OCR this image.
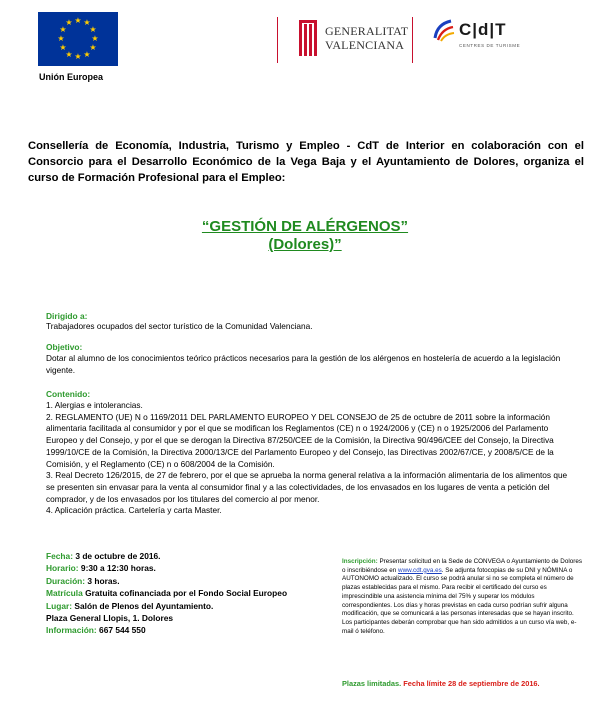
★ ★
★
★
★
★
★
★
★
★
★
★
Unión Europea
GENERALITAT
VALENCIANA
C|d|T
CENTRES DE TURISME
Consellería de Economía, Industria, Turismo y Empleo - CdT de Interior en colaboración con el Consorcio para el Desarrollo Económico de la Vega Baja y el Ayuntamiento de Dolores, organiza el curso de Formación Profesional para el Empleo:
“GESTIÓN DE ALÉRGENOS”
(Dolores)”
Dirigido a:
Trabajadores ocupados del sector turístico de la Comunidad Valenciana.
Objetivo:
Dotar al alumno de los conocimientos teórico prácticos necesarios para la gestión de los alérgenos en hostelería de acuerdo a la legislación vigente.
Contenido:
1. Alergias e intolerancias.
2. REGLAMENTO (UE) N o 1169/2011 DEL PARLAMENTO EUROPEO Y DEL CONSEJO de 25 de octubre de 2011 sobre la información alimentaria facilitada al consumidor y por el que se modifican los Reglamentos (CE) n o 1924/2006 y (CE) n o 1925/2006 del Parlamento Europeo y del Consejo, y por el que se derogan la Directiva 87/250/CEE de la Comisión, la Directiva 90/496/CEE del Consejo, la Directiva 1999/10/CE de la Comisión, la Directiva 2000/13/CE del Parlamento Europeo y del Consejo, las Directivas 2002/67/CE, y 2008/5/CE de la Comisión, y el Reglamento (CE) n o 608/2004 de la Comisión.
3. Real Decreto 126/2015, de 27 de febrero, por el que se aprueba la norma general relativa a la información alimentaria de los alimentos que se presenten sin envasar para la venta al consumidor final y a las colectividades, de los envasados en los lugares de venta a petición del comprador, y de los envasados por los titulares del comercio al por menor.
4. Aplicación práctica. Cartelería y carta Master.
Fecha: 3 de octubre de 2016.
Horario: 9:30 a 12:30 horas.
Duración: 3 horas.
Matrícula Gratuita cofinanciada por el Fondo Social Europeo
Lugar: Salón de Plenos del Ayuntamiento.
Plaza General Llopis, 1. Dolores
Información: 667 544 550
Inscripción: Presentar solicitud en la Sede de CONVEGA o Ayuntamiento de Dolores o inscribiéndose en www.cdt.gva.es. Se adjunta fotocopias de su DNI y NÓMINA o AUTONOMO actualizado. El curso se podrá anular si no se completa el número de plazas establecidas para el mismo. Para recibir el certificado del curso es imprescindible una asistencia mínima del 75% y superar los módulos correspondientes. Los días y horas previstas en cada curso podrían sufrir alguna modificación, que se comunicará a las personas interesadas que se hayan inscrito. Los participantes deberán comprobar que han sido admitidos a un curso vía web, e-mail ó teléfono.
Plazas limitadas. Fecha límite 28 de septiembre de 2016.
